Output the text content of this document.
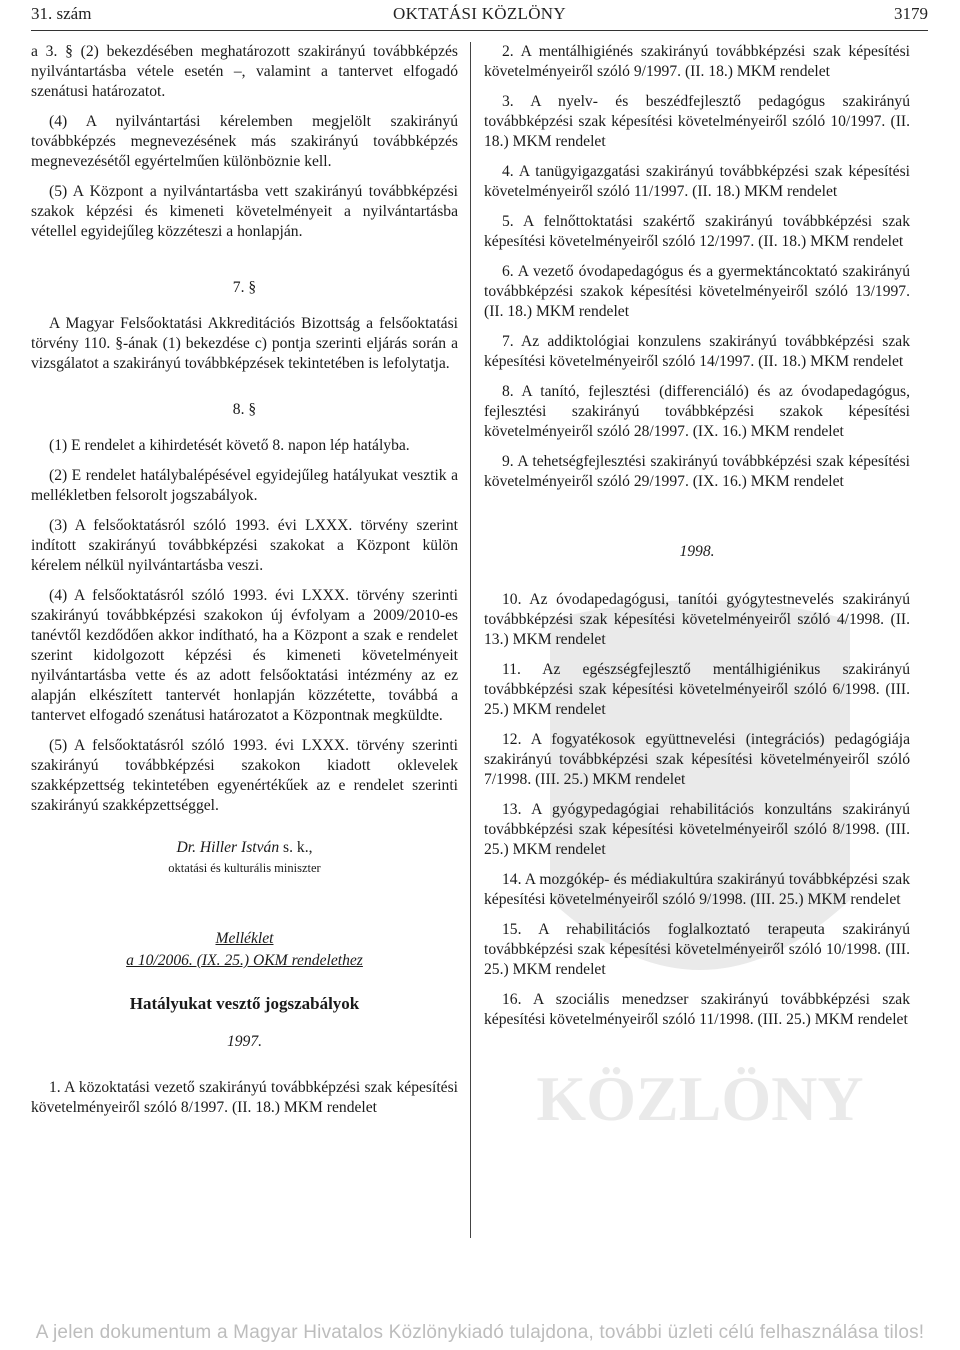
31. szám	OKTATÁSI KÖZLÖNY	3179
KÖZLÖNY

a 3. § (2) bekezdésében meghatározott szakirányú továbbképzés nyilvántartásba vétele esetén –, valamint a tantervet elfogadó szenátusi határozatot.

(4) A nyilvántartási kérelemben megjelölt szakirányú továbbképzés megnevezésének más szakirányú továbbképzés megnevezésétől egyértelműen különböznie kell.

(5) A Központ a nyilvántartásba vett szakirányú továbbképzési szakok képzési és kimeneti követelményeit a nyilvántartásba vétellel egyidejűleg közzéteszi a honlapján.

7. §

A Magyar Felsőoktatási Akkreditációs Bizottság a felsőoktatási törvény 110. §-ának (1) bekezdése c) pontja szerinti eljárás során a vizsgálatot a szakirányú továbbképzések tekintetében is lefolytatja.

8. §

(1) E rendelet a kihirdetését követő 8. napon lép hatályba.

(2) E rendelet hatálybalépésével egyidejűleg hatályukat vesztik a mellékletben felsorolt jogszabályok.

(3) A felsőoktatásról szóló 1993. évi LXXX. törvény szerint indított szakirányú továbbképzési szakokat a Központ külön kérelem nélkül nyilvántartásba veszi.

(4) A felsőoktatásról szóló 1993. évi LXXX. törvény szerinti szakirányú továbbképzési szakokon új évfolyam a 2009/2010-es tanévtől kezdődően akkor indítható, ha a Központ a szak e rendelet szerint kidolgozott képzési és kimeneti követelményeit nyilvántartásba vette és az adott felsőoktatási intézmény az ez alapján elkészített tantervét honlapján közzétette, továbbá a tantervet elfogadó szenátusi határozatot a Központnak megküldte.

(5) A felsőoktatásról szóló 1993. évi LXXX. törvény szerinti szakirányú továbbképzési szakokon kiadott oklevelek szakképzettség tekintetében egyenértékűek az e rendelet szerinti szakirányú szakképzettséggel.

Dr. Hiller István s. k.,
oktatási és kulturális miniszter
Melléklet
a 10/2006. (IX. 25.) OKM rendelethez
Hatályukat vesztő jogszabályok
1997.

1. A közoktatási vezető szakirányú továbbképzési szak képesítési követelményeiről szóló 8/1997. (II. 18.) MKM rendelet

2. A mentálhigiénés szakirányú továbbképzési szak képesítési követelményeiről szóló 9/1997. (II. 18.) MKM rendelet

3. A nyelv- és beszédfejlesztő pedagógus szakirányú továbbképzési szak képesítési követelményeiről szóló 10/1997. (II. 18.) MKM rendelet

4. A tanügyigazgatási szakirányú továbbképzési szak képesítési követelményeiről szóló 11/1997. (II. 18.) MKM rendelet

5. A felnőttoktatási szakértő szakirányú továbbképzési szak képesítési követelményeiről szóló 12/1997. (II. 18.) MKM rendelet

6. A vezető óvodapedagógus és a gyermektáncoktató szakirányú továbbképzési szakok képesítési követelményeiről szóló 13/1997. (II. 18.) MKM rendelet

7. Az addiktológiai konzulens szakirányú továbbképzési szak képesítési követelményeiről szóló 14/1997. (II. 18.) MKM rendelet

8. A tanító, fejlesztési (differenciáló) és az óvodapedagógus, fejlesztési szakirányú továbbképzési szakok képesítési követelményeiről szóló 28/1997. (IX. 16.) MKM rendelet

9. A tehetségfejlesztési szakirányú továbbképzési szak képesítési követelményeiről szóló 29/1997. (IX. 16.) MKM rendelet

1998.

10. Az óvodapedagógusi, tanítói gyógytestnevelés szakirányú továbbképzési szak képesítési követelményeiről szóló 4/1998. (II. 13.) MKM rendelet

11. Az egészségfejlesztő mentálhigiénikus szakirányú továbbképzési szak képesítési követelményeiről szóló 6/1998. (III. 25.) MKM rendelet

12. A fogyatékosok együttnevelési (integrációs) pedagógiája szakirányú továbbképzési szak képesítési követelményeiről szóló 7/1998. (III. 25.) MKM rendelet

13. A gyógypedagógiai rehabilitációs konzultáns szakirányú továbbképzési szak képesítési követelményeiről szóló 8/1998. (III. 25.) MKM rendelet

14. A mozgókép- és médiakultúra szakirányú továbbképzési szak képesítési követelményeiről szóló 9/1998. (III. 25.) MKM rendelet

15. A rehabilitációs foglalkoztató terapeuta szakirányú továbbképzési szak képesítési követelményeiről szóló 10/1998. (III. 25.) MKM rendelet

16. A szociális menedzser szakirányú továbbképzési szak képesítési követelményeiről szóló 11/1998. (III. 25.) MKM rendelet

A jelen dokumentum a Magyar Hivatalos Közlönykiadó tulajdona, további üzleti célú felhasználása tilos!
